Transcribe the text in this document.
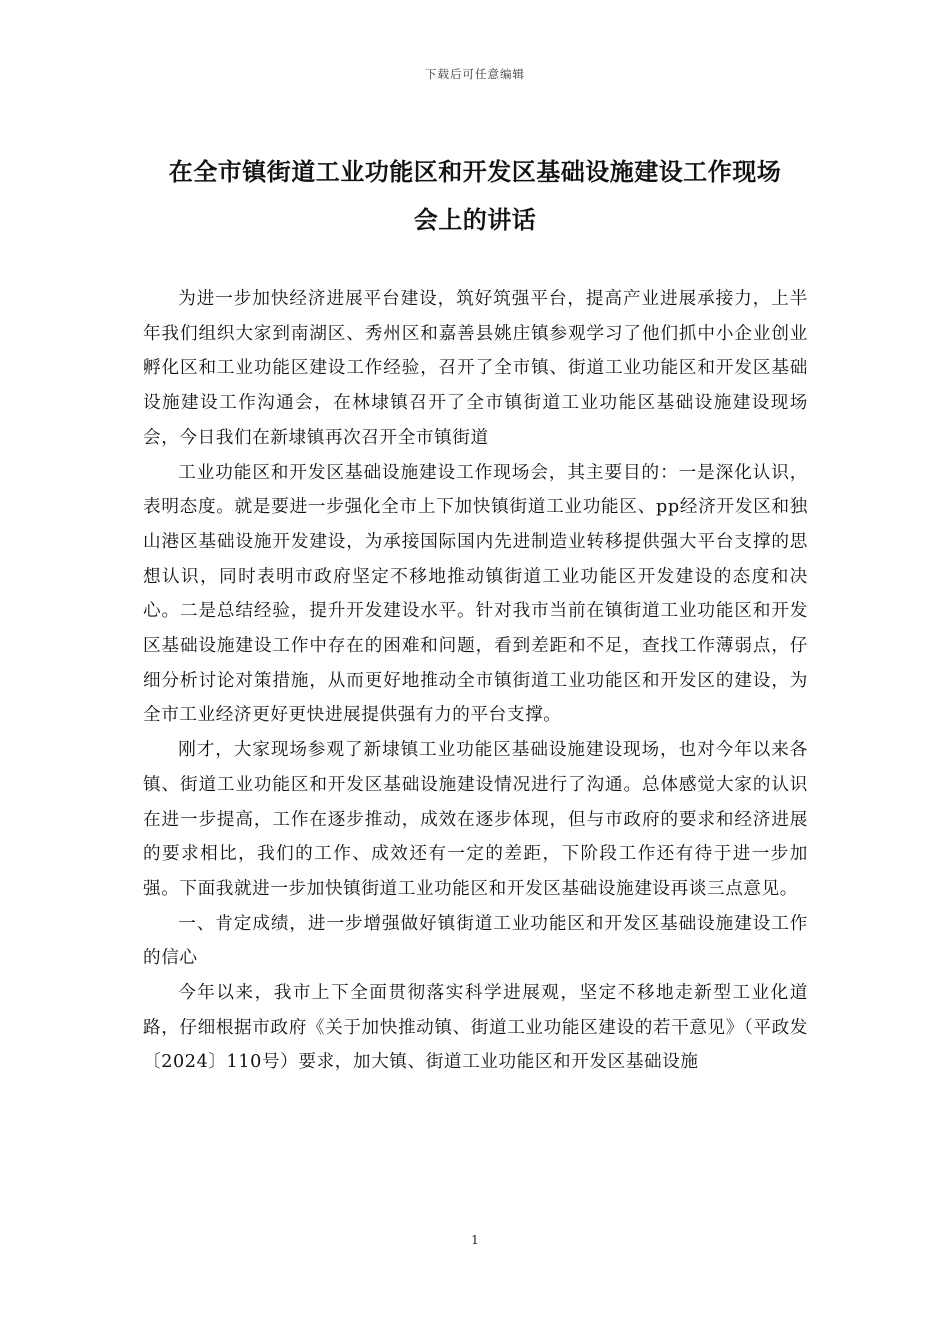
下载后可任意编辑
在全市镇街道工业功能区和开发区基础设施建设工作现场
会上的讲话

为进一步加快经济进展平台建设，筑好筑强平台，提高产业进展承接力，上半年我们组织大家到南湖区、秀州区和嘉善县姚庄镇参观学习了他们抓中小企业创业孵化区和工业功能区建设工作经验，召开了全市镇、街道工业功能区和开发区基础设施建设工作沟通会，在林埭镇召开了全市镇街道工业功能区基础设施建设现场会，今日我们在新埭镇再次召开全市镇街道

工业功能区和开发区基础设施建设工作现场会，其主要目的：一是深化认识，表明态度。就是要进一步强化全市上下加快镇街道工业功能区、pp经济开发区和独山港区基础设施开发建设，为承接国际国内先进制造业转移提供强大平台支撑的思想认识，同时表明市政府坚定不移地推动镇街道工业功能区开发建设的态度和决心。二是总结经验，提升开发建设水平。针对我市当前在镇街道工业功能区和开发区基础设施建设工作中存在的困难和问题，看到差距和不足，查找工作薄弱点，仔细分析讨论对策措施，从而更好地推动全市镇街道工业功能区和开发区的建设，为全市工业经济更好更快进展提供强有力的平台支撑。

刚才，大家现场参观了新埭镇工业功能区基础设施建设现场，也对今年以来各镇、街道工业功能区和开发区基础设施建设情况进行了沟通。总体感觉大家的认识在进一步提高，工作在逐步推动，成效在逐步体现，但与市政府的要求和经济进展的要求相比，我们的工作、成效还有一定的差距，下阶段工作还有待于进一步加强。下面我就进一步加快镇街道工业功能区和开发区基础设施建设再谈三点意见。

一、肯定成绩，进一步增强做好镇街道工业功能区和开发区基础设施建设工作的信心

今年以来，我市上下全面贯彻落实科学进展观，坚定不移地走新型工业化道路，仔细根据市政府《关于加快推动镇、街道工业功能区建设的若干意见》（平政发〔2024〕110号）要求，加大镇、街道工业功能区和开发区基础设施

1
